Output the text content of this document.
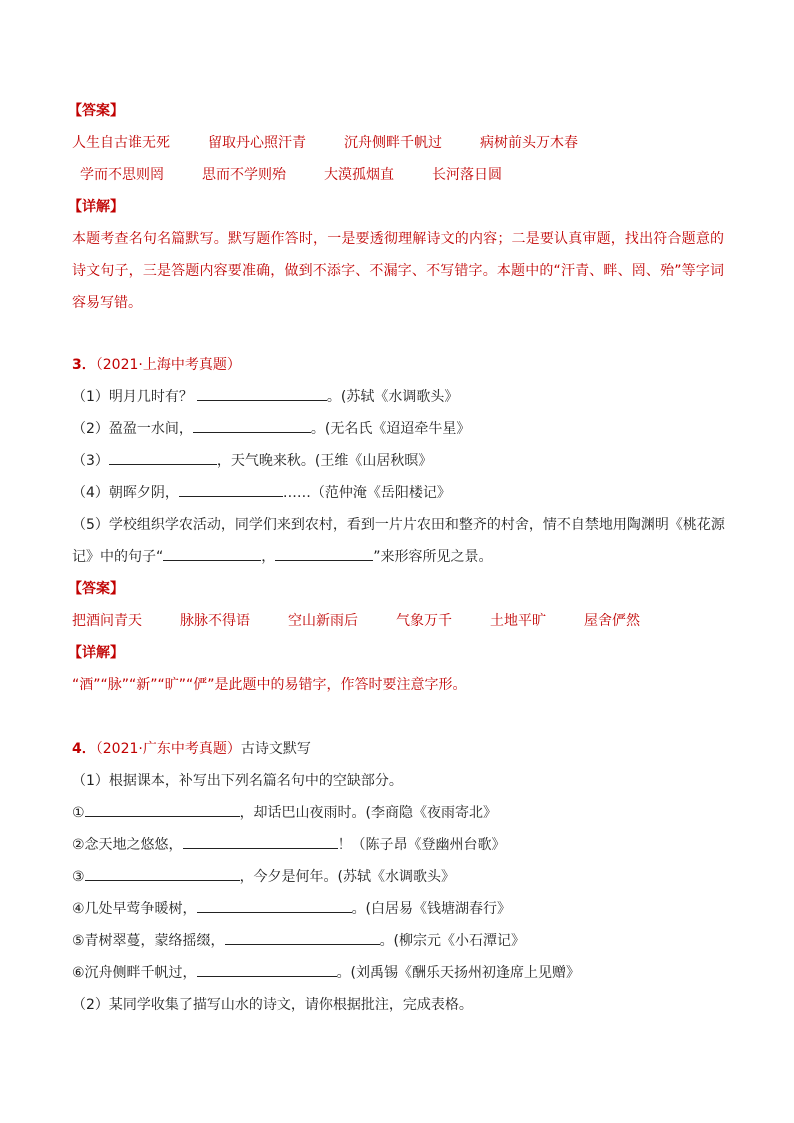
【答案】
人生自古谁无死	留取丹心照汗青	沉舟侧畔千帆过	病树前头万木春
学而不思则罔	思而不学则殆	大漠孤烟直	长河落日圆
【详解】
本题考查名句名篇默写。默写题作答时，一是要透彻理解诗文的内容；二是要认真审题，找出符合题意的诗文句子，三是答题内容要准确，做到不添字、不漏字、不写错字。本题中的“汗青、畔、罔、殆”等字词容易写错。
3．（2021·上海中考真题）
（1）明月几时有？	。(苏轼《水调歌头》
（2）盈盈一水间，	。(无名氏《迢迢牵牛星》
（3）	，天气晚来秋。(王维《山居秋暝》
（4）朝晖夕阴，	……（范仲淹《岳阳楼记》
（5）学校组织学农活动，同学们来到农村，看到一片片农田和整齐的村舍，情不自禁地用陶渊明《桃花源
记》中的句子“	，	”来形容所见之景。
【答案】
把酒问青天	脉脉不得语	空山新雨后	气象万千	土地平旷	屋舍俨然
【详解】
“酒”“脉”“新”“旷”“俨”是此题中的易错字，作答时要注意字形。
4．（2021·广东中考真题）古诗文默写
（1）根据课本，补写出下列名篇名句中的空缺部分。
①	，却话巴山夜雨时。(李商隐《夜雨寄北》
②念天地之悠悠，	！（陈子昂《登幽州台歌》
③	，今夕是何年。(苏轼《水调歌头》
④几处早莺争暖树，	。(白居易《钱塘湖春行》
⑤青树翠蔓，蒙络摇缀，	。(柳宗元《小石潭记》
⑥沉舟侧畔千帆过，	。(刘禹锡《酬乐天扬州初逢席上见赠》
（2）某同学收集了描写山水的诗文，请你根据批注，完成表格。
